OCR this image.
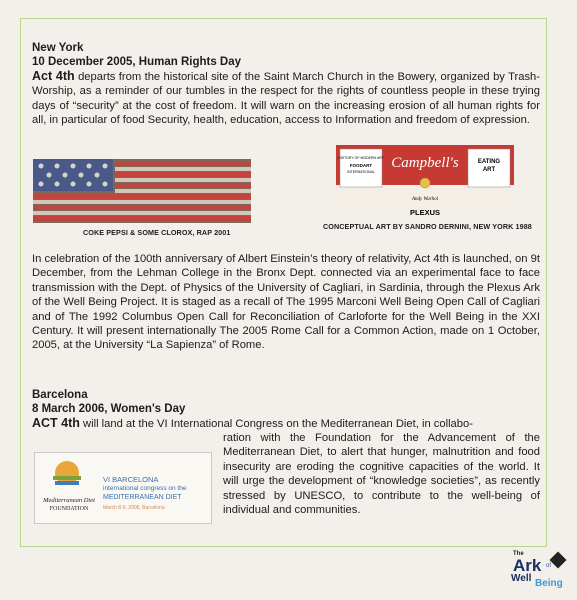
New York
10 December 2005, Human Rights Day
Act 4th departs from the historical site of the Saint March Church in the Bowery, organized by Trash-Worship, as a reminder of our tumbles in the respect for the rights of countless people in these trying days of “security” at the cost of freedom. It will warn on the increasing erosion of all human rights for all, in particular of food Security, health, education, access to Information and freedom of expression.
COKE PEPSI & SOME CLOROX, RAP 2001
HISTORY OF MODERN ART
FOODART
INTERNATIONAL
EATING
ART
Campbell's
Andy Warhol
PLEXUS
CONCEPTUAL ART BY SANDRO DERNINI, NEW YORK 1988
In celebration of the 100th anniversary of Albert Einstein’s theory of relativity, Act 4th is launched, on 9t December, from the Lehman College in the Bronx Dept. connected via an experimental face to face transmission with the Dept. of Physics of the University of Cagliari, in Sardinia, through the Plexus Ark of the Well Being Project. It is staged as a recall of The 1995 Marconi Well Being Open Call of Cagliari and of The 1992 Columbus Open Call for Reconciliation of Carloforte for the Well Being in the XXI Century. It will present internationally The 2005 Rome Call for a Common Action, made on 1 October, 2005, at the University “La Sapienza” of Rome.
Barcelona
8 March 2006, Women's Day
ACT 4th will land at the VI International Congress on the Mediterranean Diet, in collabo-
ration with the Foundation for the Advancement of the Mediterranean Diet, to alert that hunger, malnutrition and food insecurity are eroding the cognitive capacities of the world. It will urge the development of “knowledge societies”, as recently stressed by UNESCO, to contribute to the well-being of individual and communities.
Mediterranean Diet
FOUNDATION
VI BARCELONA
international congress on the
MEDITERRANEAN DIET
March 8-9, 2006, Barcelona
The
Ark of
Well Being
